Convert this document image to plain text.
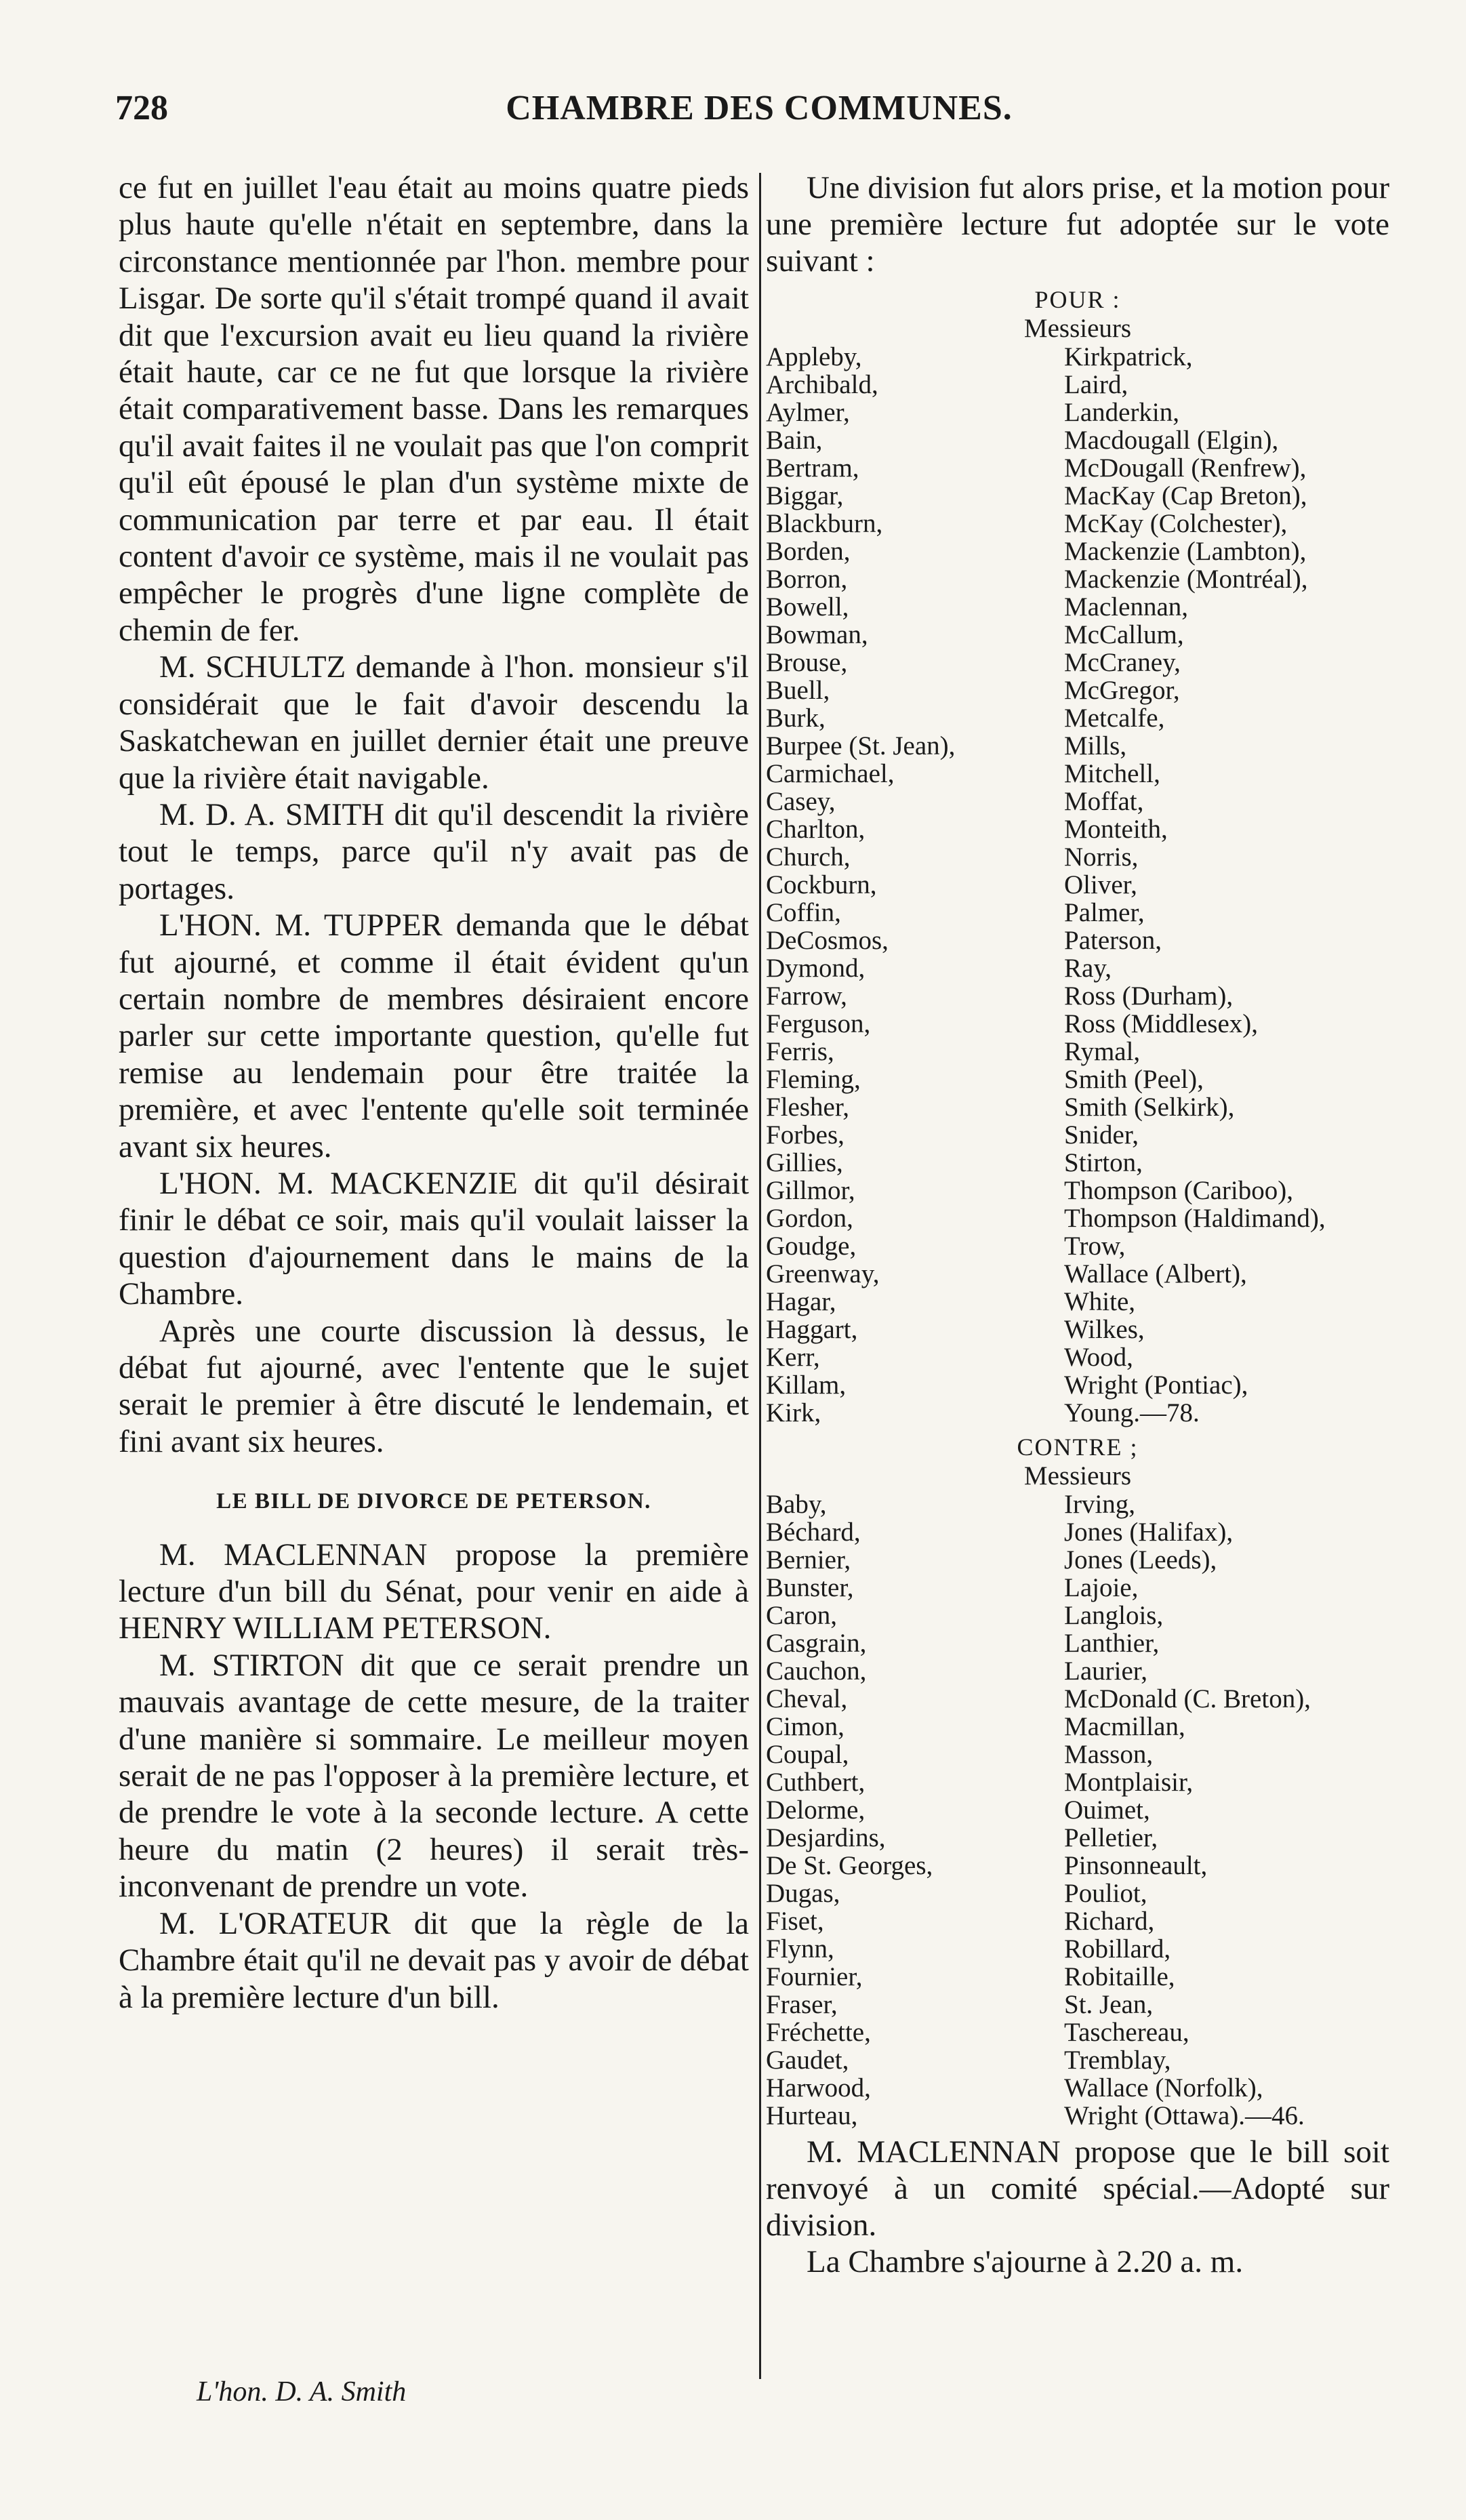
728	CHAMBRE DES COMMUNES.

ce fut en juillet l'eau était au moins quatre pieds plus haute qu'elle n'était en septembre, dans la circonstance mentionnée par l'hon. membre pour Lisgar. De sorte qu'il s'était trompé quand il avait dit que l'excursion avait eu lieu quand la rivière était haute, car ce ne fut que lorsque la rivière était comparativement basse. Dans les remarques qu'il avait faites il ne voulait pas que l'on comprit qu'il eût épousé le plan d'un système mixte de communication par terre et par eau. Il était content d'avoir ce système, mais il ne voulait pas empêcher le progrès d'une ligne complète de chemin de fer.

M. SCHULTZ demande à l'hon. monsieur s'il considérait que le fait d'avoir descendu la Saskatchewan en juillet dernier était une preuve que la rivière était navigable.

M. D. A. SMITH dit qu'il descendit la rivière tout le temps, parce qu'il n'y avait pas de portages.

L'HON. M. TUPPER demanda que le débat fut ajourné, et comme il était évident qu'un certain nombre de membres désiraient encore parler sur cette importante question, qu'elle fut remise au lendemain pour être traitée la première, et avec l'entente qu'elle soit terminée avant six heures.

L'HON. M. MACKENZIE dit qu'il désirait finir le débat ce soir, mais qu'il voulait laisser la question d'ajournement dans le mains de la Chambre.

Après une courte discussion là dessus, le débat fut ajourné, avec l'entente que le sujet serait le premier à être discuté le lendemain, et fini avant six heures.

LE BILL DE DIVORCE DE PETERSON.

M. MACLENNAN propose la première lecture d'un bill du Sénat, pour venir en aide à HENRY WILLIAM PETERSON.

M. STIRTON dit que ce serait prendre un mauvais avantage de cette mesure, de la traiter d'une manière si sommaire. Le meilleur moyen serait de ne pas l'opposer à la première lecture, et de prendre le vote à la seconde lecture. A cette heure du matin (2 heures) il serait très-inconvenant de prendre un vote.

M. L'ORATEUR dit que la règle de la Chambre était qu'il ne devait pas y avoir de débat à la première lecture d'un bill.

Une division fut alors prise, et la motion pour une première lecture fut adoptée sur le vote suivant :

POUR :
Messieurs
Appleby,
Archibald,
Aylmer,
Bain,
Bertram,
Biggar,
Blackburn,
Borden,
Borron,
Bowell,
Bowman,
Brouse,
Buell,
Burk,
Burpee (St. Jean),
Carmichael,
Casey,
Charlton,
Church,
Cockburn,
Coffin,
DeCosmos,
Dymond,
Farrow,
Ferguson,
Ferris,
Fleming,
Flesher,
Forbes,
Gillies,
Gillmor,
Gordon,
Goudge,
Greenway,
Hagar,
Haggart,
Kerr,
Killam,
Kirk,
Kirkpatrick,
Laird,
Landerkin,
Macdougall (Elgin),
McDougall (Renfrew),
MacKay (Cap Breton),
McKay (Colchester),
Mackenzie (Lambton),
Mackenzie (Montréal),
Maclennan,
McCallum,
McCraney,
McGregor,
Metcalfe,
Mills,
Mitchell,
Moffat,
Monteith,
Norris,
Oliver,
Palmer,
Paterson,
Ray,
Ross (Durham),
Ross (Middlesex),
Rymal,
Smith (Peel),
Smith (Selkirk),
Snider,
Stirton,
Thompson (Cariboo),
Thompson (Haldimand),
Trow,
Wallace (Albert),
White,
Wilkes,
Wood,
Wright (Pontiac),
Young.—78.
CONTRE ;
Messieurs
Baby,
Béchard,
Bernier,
Bunster,
Caron,
Casgrain,
Cauchon,
Cheval,
Cimon,
Coupal,
Cuthbert,
Delorme,
Desjardins,
De St. Georges,
Dugas,
Fiset,
Flynn,
Fournier,
Fraser,
Fréchette,
Gaudet,
Harwood,
Hurteau,
Irving,
Jones (Halifax),
Jones (Leeds),
Lajoie,
Langlois,
Lanthier,
Laurier,
McDonald (C. Breton),
Macmillan,
Masson,
Montplaisir,
Ouimet,
Pelletier,
Pinsonneault,
Pouliot,
Richard,
Robillard,
Robitaille,
St. Jean,
Taschereau,
Tremblay,
Wallace (Norfolk),
Wright (Ottawa).—46.

M. MACLENNAN propose que le bill soit renvoyé à un comité spécial.—Adopté sur division.

La Chambre s'ajourne à 2.20 a. m.

L'hon. D. A. Smith
